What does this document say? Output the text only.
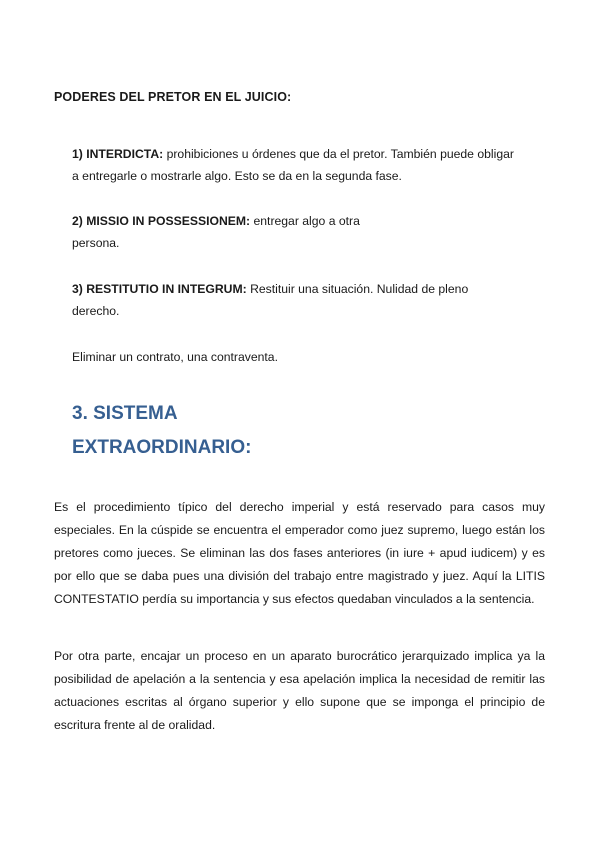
PODERES DEL PRETOR EN EL JUICIO:
1) INTERDICTA: prohibiciones u órdenes que da el pretor. También puede obligar a entregarle o mostrarle algo. Esto se da en la segunda fase.
2) MISSIO IN POSSESSIONEM: entregar algo a otra persona.
3) RESTITUTIO IN INTEGRUM: Restituir una situación. Nulidad de pleno derecho.
Eliminar un contrato, una contraventa.
3. SISTEMA EXTRAORDINARIO:
Es el procedimiento típico del derecho imperial y está reservado para casos muy especiales. En la cúspide se encuentra el emperador como juez supremo, luego están los pretores como jueces. Se eliminan las dos fases anteriores (in iure + apud iudicem) y es por ello que se daba pues una división del trabajo entre magistrado y juez. Aquí la LITIS CONTESTATIO perdía su importancia y sus efectos quedaban vinculados a la sentencia.
Por otra parte, encajar un proceso en un aparato burocrático jerarquizado implica ya la posibilidad de apelación a la sentencia y esa apelación implica la necesidad de remitir las actuaciones escritas al órgano superior y ello supone que se imponga el principio de escritura frente al de oralidad.
